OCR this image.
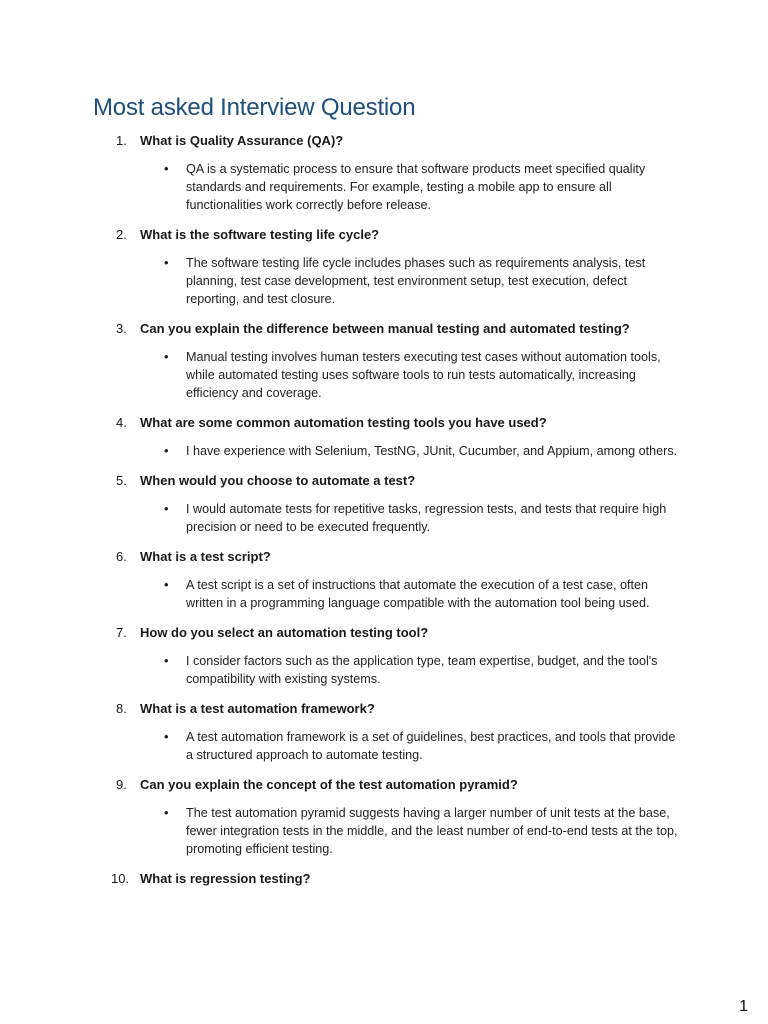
Most asked Interview Question
1.	What is Quality Assurance (QA)?
• QA is a systematic process to ensure that software products meet specified quality standards and requirements. For example, testing a mobile app to ensure all functionalities work correctly before release.
2.	What is the software testing life cycle?
• The software testing life cycle includes phases such as requirements analysis, test planning, test case development, test environment setup, test execution, defect reporting, and test closure.
3.	Can you explain the difference between manual testing and automated testing?
• Manual testing involves human testers executing test cases without automation tools, while automated testing uses software tools to run tests automatically, increasing efficiency and coverage.
4.	What are some common automation testing tools you have used?
• I have experience with Selenium, TestNG, JUnit, Cucumber, and Appium, among others.
5.	When would you choose to automate a test?
• I would automate tests for repetitive tasks, regression tests, and tests that require high precision or need to be executed frequently.
6.	What is a test script?
• A test script is a set of instructions that automate the execution of a test case, often written in a programming language compatible with the automation tool being used.
7.	How do you select an automation testing tool?
• I consider factors such as the application type, team expertise, budget, and the tool's compatibility with existing systems.
8.	What is a test automation framework?
• A test automation framework is a set of guidelines, best practices, and tools that provide a structured approach to automate testing.
9.	Can you explain the concept of the test automation pyramid?
• The test automation pyramid suggests having a larger number of unit tests at the base, fewer integration tests in the middle, and the least number of end-to-end tests at the top, promoting efficient testing.
10. What is regression testing?
1
